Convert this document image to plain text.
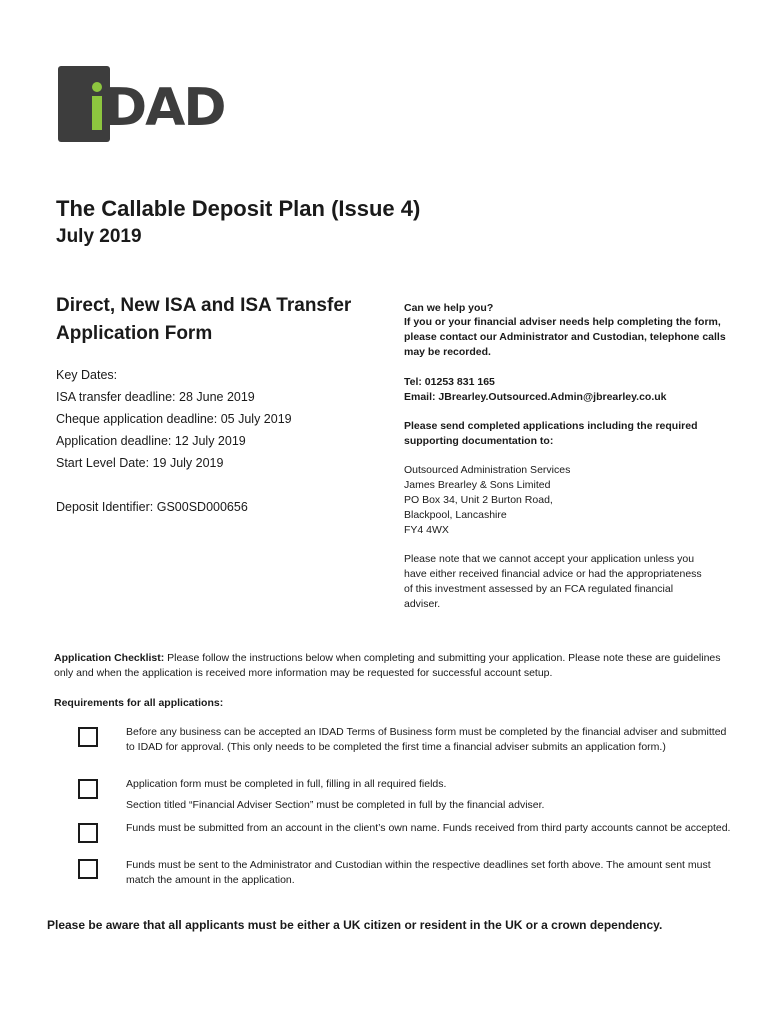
DAD
The Callable Deposit Plan (Issue 4)
July 2019
Direct, New ISA and ISA Transfer Application Form
Key Dates:
ISA transfer deadline: 28 June 2019
Cheque application deadline: 05 July 2019
Application deadline: 12 July 2019
Start Level Date: 19 July 2019
Deposit Identifier: GS00SD000656
Can we help you?
If you or your financial adviser needs help completing the form, please contact our Administrator and Custodian, telephone calls may be recorded.
Tel: 01253 831 165
Email: JBrearley.Outsourced.Admin@jbrearley.co.uk
Please send completed applications including the required supporting documentation to:
Outsourced Administration Services
James Brearley & Sons Limited
PO Box 34, Unit 2 Burton Road,
Blackpool, Lancashire
FY4 4WX
Please note that we cannot accept your application unless you have either received financial advice or had the appropriateness of this investment assessed by an FCA regulated financial adviser.
Application Checklist: Please follow the instructions below when completing and submitting your application. Please note these are guidelines only and when the application is received more information may be requested for successful account setup.
Requirements for all applications:
Before any business can be accepted an IDAD Terms of Business form must be completed by the financial adviser and submitted to IDAD for approval. (This only needs to be completed the first time a financial adviser submits an application form.)
Application form must be completed in full, filling in all required fields.
Section titled “Financial Adviser Section” must be completed in full by the financial adviser.
Funds must be submitted from an account in the client’s own name. Funds received from third party accounts cannot be accepted.
Funds must be sent to the Administrator and Custodian within the respective deadlines set forth above. The amount sent must match the amount in the application.
Please be aware that all applicants must be either a UK citizen or resident in the UK or a crown dependency.
